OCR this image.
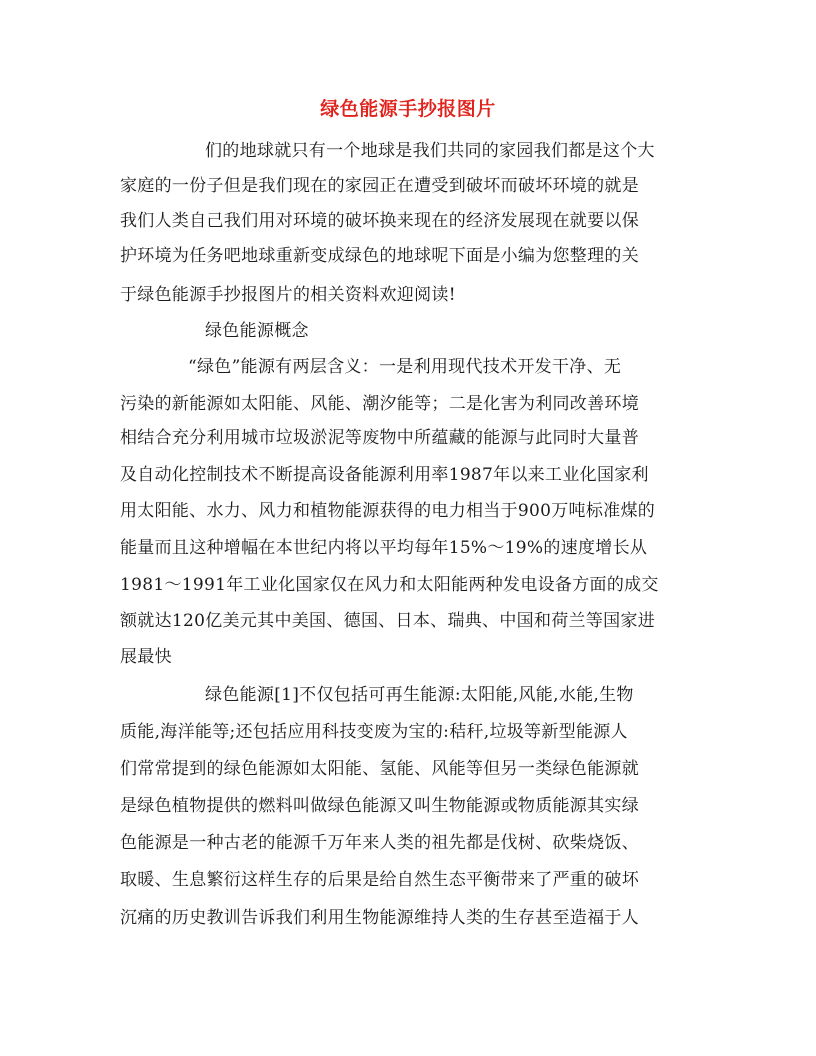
绿色能源手抄报图片
们的地球就只有一个地球是我们共同的家园我们都是这个大
家庭的一份子但是我们现在的家园正在遭受到破坏而破坏环境的就是
我们人类自己我们用对环境的破坏换来现在的经济发展现在就要以保
护环境为任务吧地球重新变成绿色的地球呢下面是小编为您整理的关
于绿色能源手抄报图片的相关资料欢迎阅读!
绿色能源概念
“绿色”能源有两层含义：一是利用现代技术开发干净、无
污染的新能源如太阳能、风能、潮汐能等；二是化害为利同改善环境
相结合充分利用城市垃圾淤泥等废物中所蕴藏的能源与此同时大量普
及自动化控制技术不断提高设备能源利用率1987年以来工业化国家利
用太阳能、水力、风力和植物能源获得的电力相当于900万吨标准煤的
能量而且这种增幅在本世纪内将以平均每年15%～19%的速度增长从
1981～1991年工业化国家仅在风力和太阳能两种发电设备方面的成交
额就达120亿美元其中美国、德国、日本、瑞典、中国和荷兰等国家进
展最快
绿色能源[1]不仅包括可再生能源:太阳能,风能,水能,生物
质能,海洋能等;还包括应用科技变废为宝的:秸秆,垃圾等新型能源人
们常常提到的绿色能源如太阳能、氢能、风能等但另一类绿色能源就
是绿色植物提供的燃料叫做绿色能源又叫生物能源或物质能源其实绿
色能源是一种古老的能源千万年来人类的祖先都是伐树、砍柴烧饭、
取暖、生息繁衍这样生存的后果是给自然生态平衡带来了严重的破坏
沉痛的历史教训告诉我们利用生物能源维持人类的生存甚至造福于人
